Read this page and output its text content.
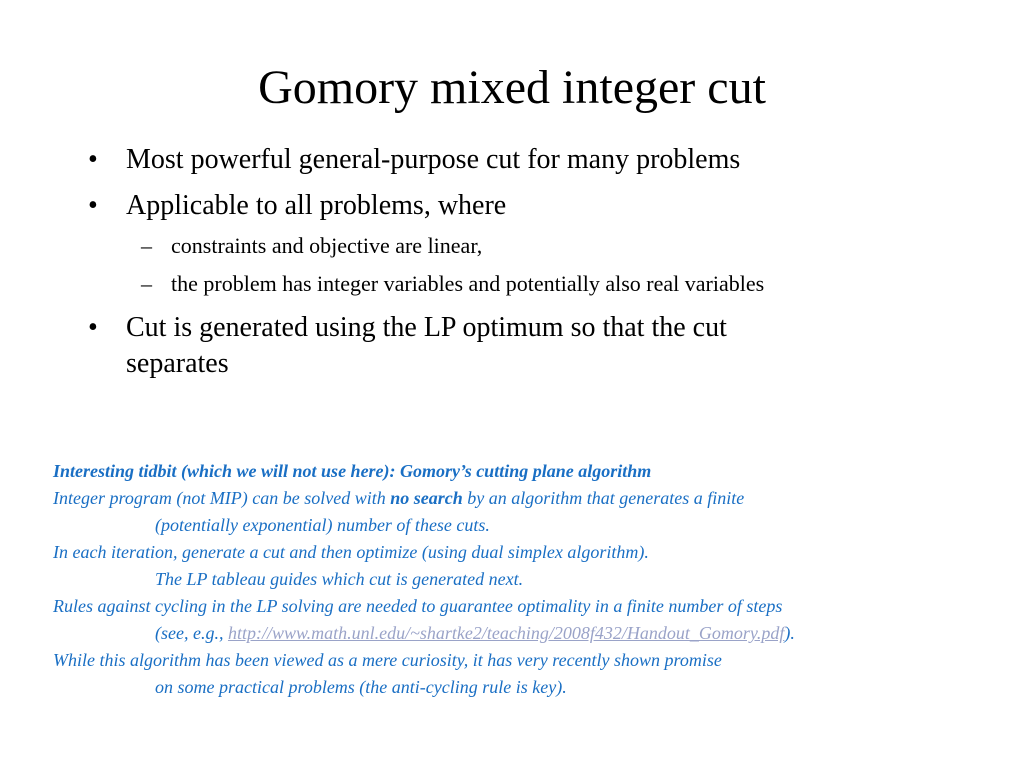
Gomory mixed integer cut
• Most powerful general-purpose cut for many problems
• Applicable to all problems, where
– constraints and objective are linear,
– the problem has integer variables and potentially also real variables
• Cut is generated using the LP optimum so that the cut
separates
Interesting tidbit (which we will not use here): Gomory’s cutting plane algorithm
Integer program (not MIP) can be solved with no search by an algorithm that generates a finite
(potentially exponential) number of these cuts.
In each iteration, generate a cut and then optimize (using dual simplex algorithm).
The LP tableau guides which cut is generated next.
Rules against cycling in the LP solving are needed to guarantee optimality in a finite number of steps
(see, e.g., http://www.math.unl.edu/~shartke2/teaching/2008f432/Handout_Gomory.pdf).
While this algorithm has been viewed as a mere curiosity, it has very recently shown promise
on some practical problems (the anti-cycling rule is key).
